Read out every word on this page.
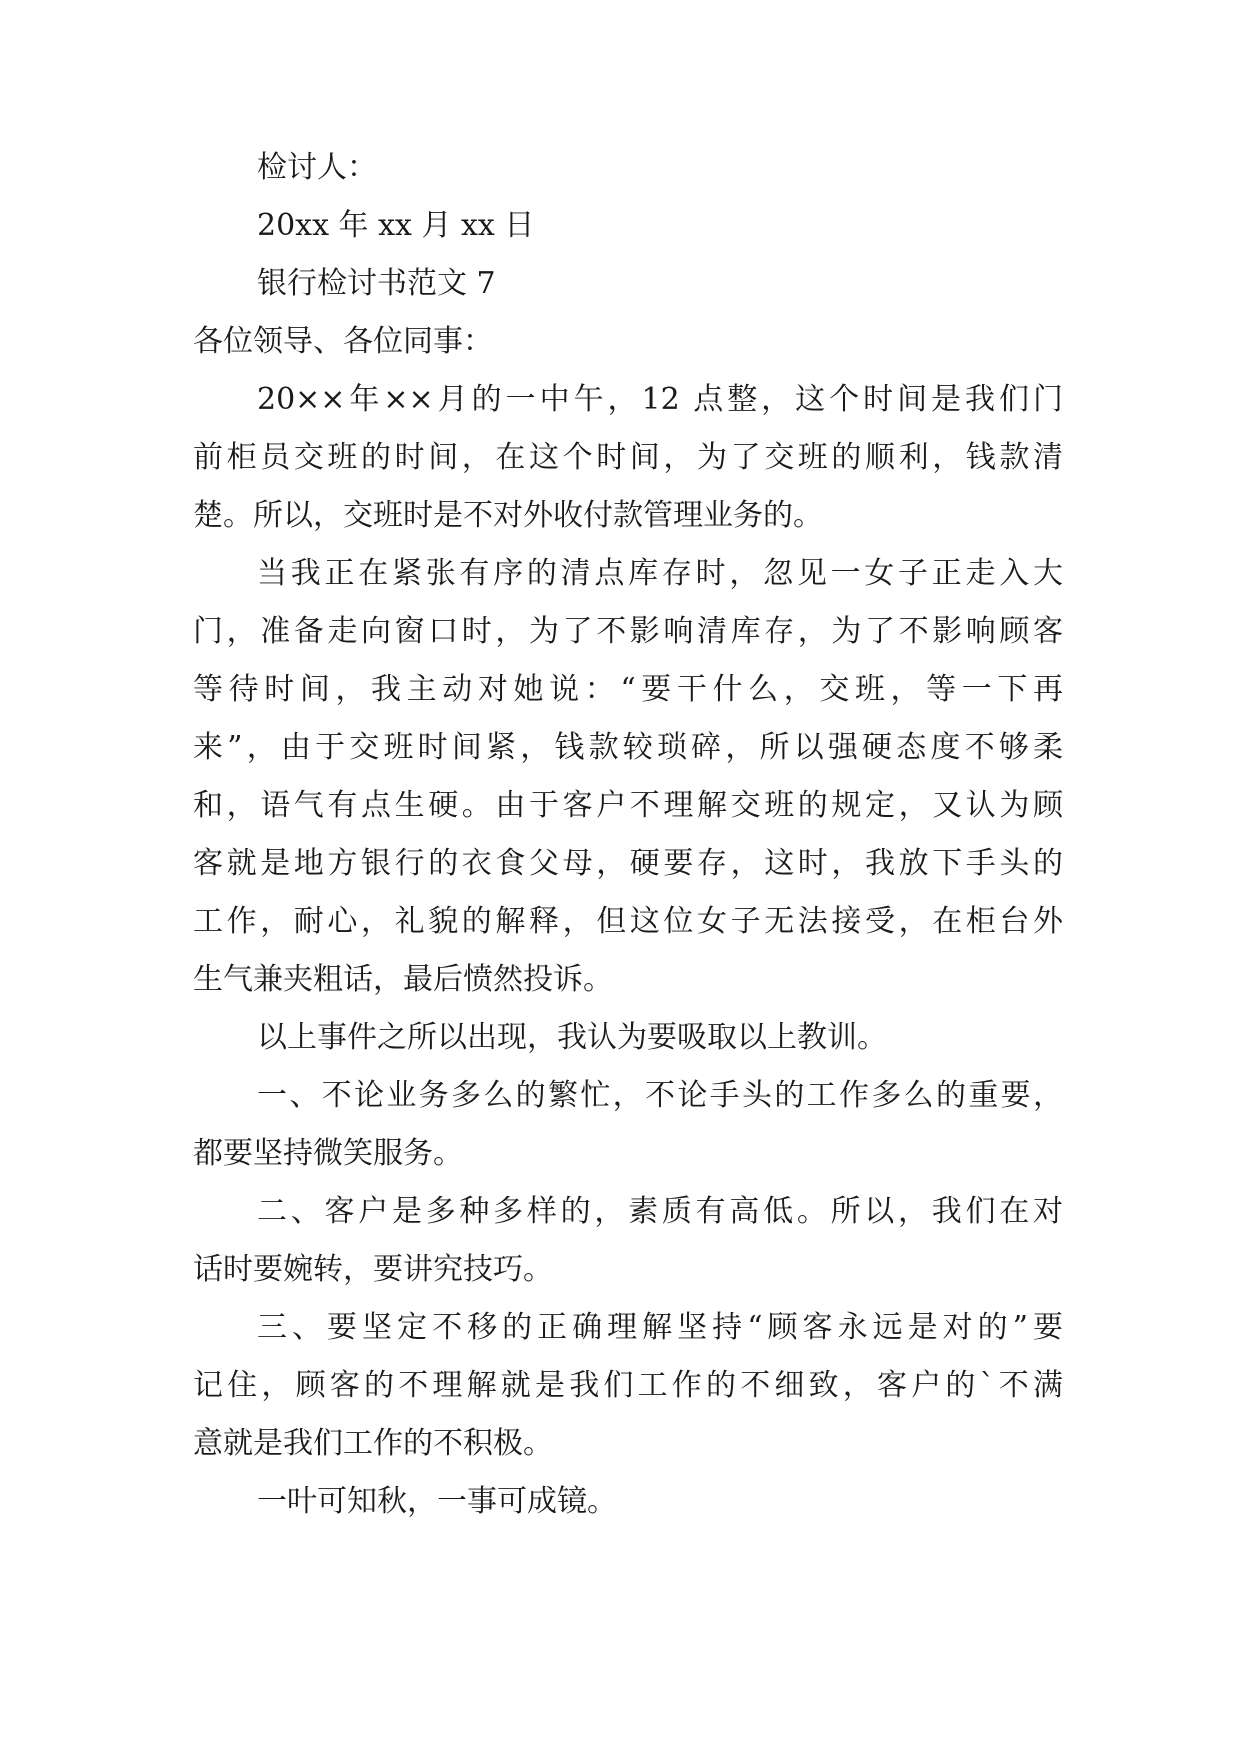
检讨人：
20xx 年 xx 月 xx 日
银行检讨书范文 7
各位领导、各位同事：
20××年××月的一中午，12 点整，这个时间是我们门
前柜员交班的时间，在这个时间，为了交班的顺利，钱款清
楚。所以，交班时是不对外收付款管理业务的。
当我正在紧张有序的清点库存时，忽见一女子正走入大
门，准备走向窗口时，为了不影响清库存，为了不影响顾客
等待时间，我主动对她说：“要干什么，交班，等一下再
来”，由于交班时间紧，钱款较琐碎，所以强硬态度不够柔
和，语气有点生硬。由于客户不理解交班的规定，又认为顾
客就是地方银行的衣食父母，硬要存，这时，我放下手头的
工作，耐心，礼貌的解释，但这位女子无法接受，在柜台外
生气兼夹粗话，最后愤然投诉。
以上事件之所以出现，我认为要吸取以上教训。
一、不论业务多么的繁忙，不论手头的工作多么的重要，
都要坚持微笑服务。
二、客户是多种多样的，素质有高低。所以，我们在对
话时要婉转，要讲究技巧。
三、要坚定不移的正确理解坚持“顾客永远是对的”要
记住，顾客的不理解就是我们工作的不细致，客户的`不满
意就是我们工作的不积极。
一叶可知秋，一事可成镜。
